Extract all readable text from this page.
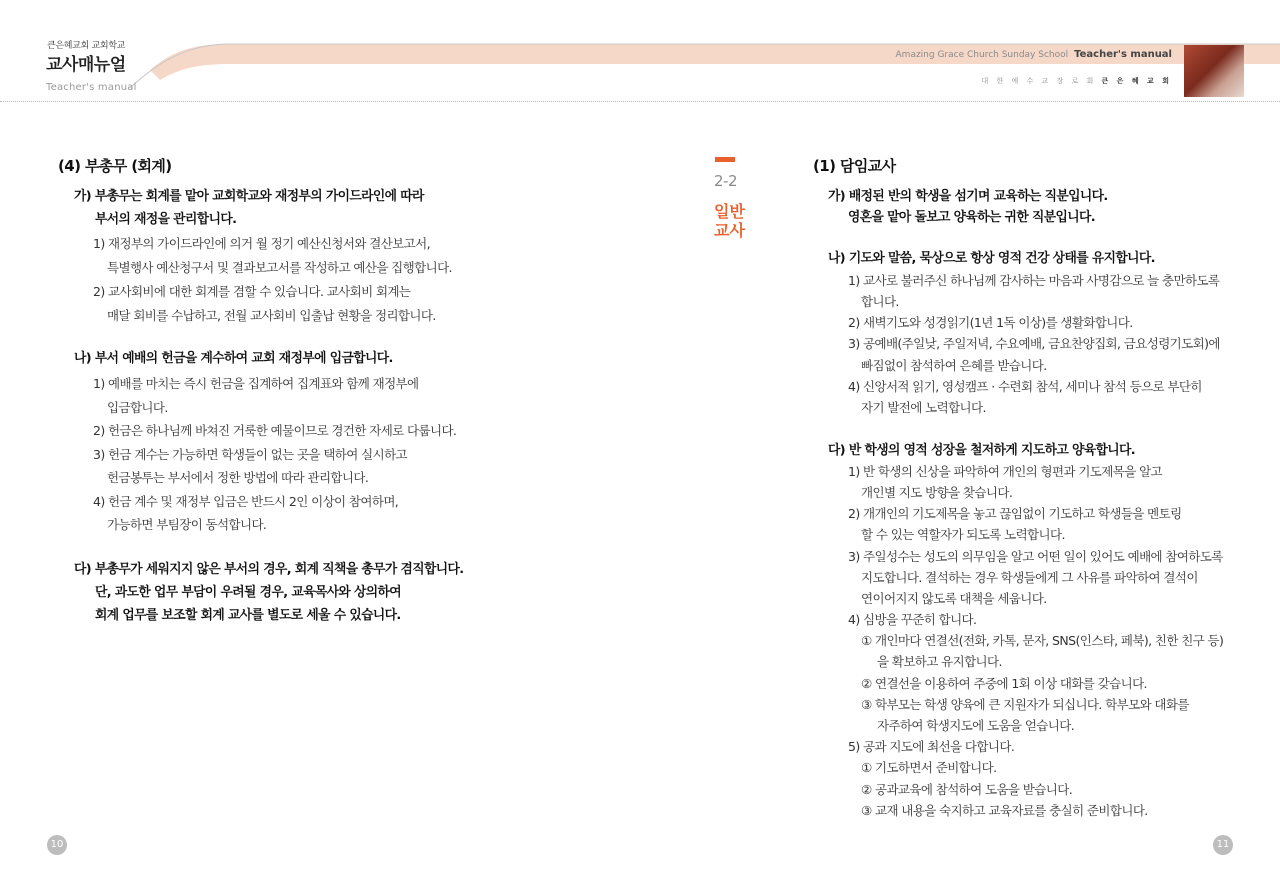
큰은혜교회 교회학교
교사매뉴얼
Teacher's manual
Amazing Grace Church Sunday School Teacher's manual
대 한 예 수 교 장 로 회 큰 은 혜 교 회
(4) 부총무 (회계)
가) 부총무는 회계를 맡아 교회학교와 재정부의 가이드라인에 따라
부서의 재정을 관리합니다.
1) 재정부의 가이드라인에 의거 월 정기 예산신청서와 결산보고서,
특별행사 예산청구서 및 결과보고서를 작성하고 예산을 집행합니다.
2) 교사회비에 대한 회계를 겸할 수 있습니다. 교사회비 회계는
매달 회비를 수납하고, 전월 교사회비 입출납 현황을 정리합니다.
나) 부서 예배의 헌금을 계수하여 교회 재정부에 입금합니다.
1) 예배를 마치는 즉시 헌금을 집계하여 집계표와 함께 재정부에
입금합니다.
2) 헌금은 하나님께 바쳐진 거룩한 예물이므로 경건한 자세로 다룹니다.
3) 헌금 계수는 가능하면 학생들이 없는 곳을 택하여 실시하고
헌금봉투는 부서에서 정한 방법에 따라 관리합니다.
4) 헌금 계수 및 재정부 입금은 반드시 2인 이상이 참여하며,
가능하면 부팀장이 동석합니다.
다) 부총무가 세워지지 않은 부서의 경우, 회계 직책을 총무가 겸직합니다.
단, 과도한 업무 부담이 우려될 경우, 교육목사와 상의하여
회계 업무를 보조할 회계 교사를 별도로 세울 수 있습니다.
2-2
일반 교사
(1) 담임교사
가) 배정된 반의 학생을 섬기며 교육하는 직분입니다.
영혼을 맡아 돌보고 양육하는 귀한 직분입니다.
나) 기도와 말씀, 묵상으로 항상 영적 건강 상태를 유지합니다.
1) 교사로 불러주신 하나님께 감사하는 마음과 사명감으로 늘 충만하도록
합니다.
2) 새벽기도와 성경읽기(1년 1독 이상)를 생활화합니다.
3) 공예배(주일낮, 주일저녁, 수요예배, 금요찬양집회, 금요성령기도회)에
빠짐없이 참석하여 은혜를 받습니다.
4) 신앙서적 읽기, 영성캠프 · 수련회 참석, 세미나 참석 등으로 부단히
자기 발전에 노력합니다.
다) 반 학생의 영적 성장을 철저하게 지도하고 양육합니다.
1) 반 학생의 신상을 파악하여 개인의 형편과 기도제목을 알고
개인별 지도 방향을 찾습니다.
2) 개개인의 기도제목을 놓고 끊임없이 기도하고 학생들을 멘토링
할 수 있는 역할자가 되도록 노력합니다.
3) 주일성수는 성도의 의무임을 알고 어떤 일이 있어도 예배에 참여하도록
지도합니다. 결석하는 경우 학생들에게 그 사유를 파악하여 결석이
연이어지지 않도록 대책을 세웁니다.
4) 심방을 꾸준히 합니다.
① 개인마다 연결선(전화, 카톡, 문자, SNS(인스타, 페북), 친한 친구 등)
을 확보하고 유지합니다.
② 연결선을 이용하여 주중에 1회 이상 대화를 갖습니다.
③ 학부모는 학생 양육에 큰 지원자가 되십니다. 학부모와 대화를
자주하여 학생지도에 도움을 얻습니다.
5) 공과 지도에 최선을 다합니다.
① 기도하면서 준비합니다.
② 공과교육에 참석하여 도움을 받습니다.
③ 교재 내용을 숙지하고 교육자료를 충실히 준비합니다.
10	11
